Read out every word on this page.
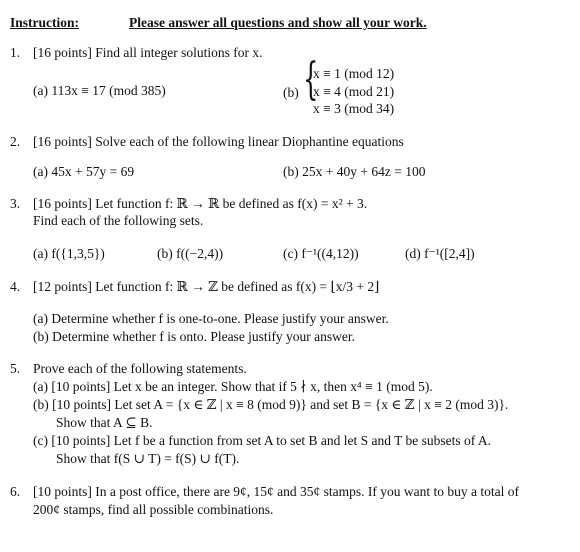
Instruction:	Please answer all questions and show all your work.
1. [16 points] Find all integer solutions for x.
(a) 113x ≡ 17 (mod 385)	(b) {
x ≡ 1 (mod 12)
x ≡ 4 (mod 21)
x ≡ 3 (mod 34)
2. [16 points] Solve each of the following linear Diophantine equations
(a) 45x + 57y = 69	(b) 25x + 40y + 64z = 100
3. [16 points] Let function f: ℝ → ℝ be defined as f(x) = x² + 3.
Find each of the following sets.
(a) f({1,3,5})	(b) f((−2,4))	(c) f⁻¹((4,12))	(d) f⁻¹([2,4])
4. [12 points] Let function f: ℝ → ℤ be defined as f(x) = ⌊x/3 + 2⌋
(a) Determine whether f is one-to-one. Please justify your answer.
(b) Determine whether f is onto. Please justify your answer.
5. Prove each of the following statements.
(a) [10 points] Let x be an integer. Show that if 5 ∤ x, then x⁴ ≡ 1 (mod 5).
(b) [10 points] Let set A = {x ∈ ℤ | x ≡ 8 (mod 9)} and set B = {x ∈ ℤ | x ≡ 2 (mod 3)}.
Show that A ⊆ B.
(c) [10 points] Let f be a function from set A to set B and let S and T be subsets of A.
Show that f(S ∪ T) = f(S) ∪ f(T).
6. [10 points] In a post office, there are 9¢, 15¢ and 35¢ stamps. If you want to buy a total of
200¢ stamps, find all possible combinations.
